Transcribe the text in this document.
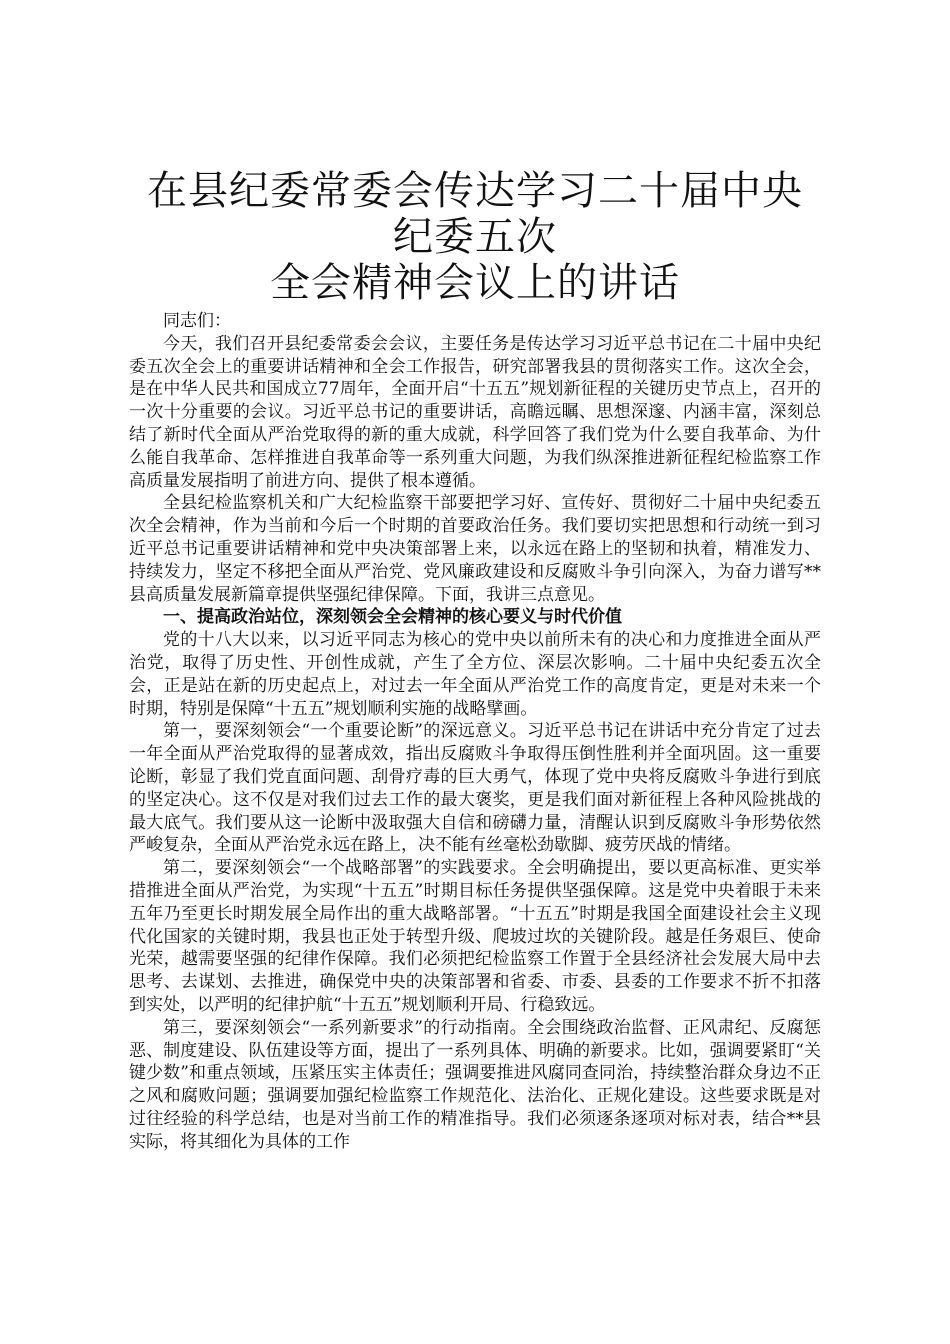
在县纪委常委会传达学习二十届中央纪委五次
全会精神会议上的讲话

同志们：

今天，我们召开县纪委常委会会议，主要任务是传达学习习近平总书记在二十届中央纪委五次全会上的重要讲话精神和全会工作报告，研究部署我县的贯彻落实工作。这次全会，是在中华人民共和国成立77周年，全面开启“十五五”规划新征程的关键历史节点上，召开的一次十分重要的会议。习近平总书记的重要讲话，高瞻远瞩、思想深邃、内涵丰富，深刻总结了新时代全面从严治党取得的新的重大成就，科学回答了我们党为什么要自我革命、为什么能自我革命、怎样推进自我革命等一系列重大问题，为我们纵深推进新征程纪检监察工作高质量发展指明了前进方向、提供了根本遵循。

全县纪检监察机关和广大纪检监察干部要把学习好、宣传好、贯彻好二十届中央纪委五次全会精神，作为当前和今后一个时期的首要政治任务。我们要切实把思想和行动统一到习近平总书记重要讲话精神和党中央决策部署上来，以永远在路上的坚韧和执着，精准发力、持续发力，坚定不移把全面从严治党、党风廉政建设和反腐败斗争引向深入，为奋力谱写**县高质量发展新篇章提供坚强纪律保障。下面，我讲三点意见。

一、提高政治站位，深刻领会全会精神的核心要义与时代价值

党的十八大以来，以习近平同志为核心的党中央以前所未有的决心和力度推进全面从严治党，取得了历史性、开创性成就，产生了全方位、深层次影响。二十届中央纪委五次全会，正是站在新的历史起点上，对过去一年全面从严治党工作的高度肯定，更是对未来一个时期，特别是保障“十五五”规划顺利实施的战略擘画。

第一，要深刻领会“一个重要论断”的深远意义。习近平总书记在讲话中充分肯定了过去一年全面从严治党取得的显著成效，指出反腐败斗争取得压倒性胜利并全面巩固。这一重要论断，彰显了我们党直面问题、刮骨疗毒的巨大勇气，体现了党中央将反腐败斗争进行到底的坚定决心。这不仅是对我们过去工作的最大褒奖，更是我们面对新征程上各种风险挑战的最大底气。我们要从这一论断中汲取强大自信和磅礴力量，清醒认识到反腐败斗争形势依然严峻复杂，全面从严治党永远在路上，决不能有丝毫松劲歇脚、疲劳厌战的情绪。

第二，要深刻领会“一个战略部署”的实践要求。全会明确提出，要以更高标准、更实举措推进全面从严治党，为实现“十五五”时期目标任务提供坚强保障。这是党中央着眼于未来五年乃至更长时期发展全局作出的重大战略部署。“十五五”时期是我国全面建设社会主义现代化国家的关键时期，我县也正处于转型升级、爬坡过坎的关键阶段。越是任务艰巨、使命光荣，越需要坚强的纪律作保障。我们必须把纪检监察工作置于全县经济社会发展大局中去思考、去谋划、去推进，确保党中央的决策部署和省委、市委、县委的工作要求不折不扣落到实处，以严明的纪律护航“十五五”规划顺利开局、行稳致远。

第三，要深刻领会“一系列新要求”的行动指南。全会围绕政治监督、正风肃纪、反腐惩恶、制度建设、队伍建设等方面，提出了一系列具体、明确的新要求。比如，强调要紧盯“关键少数”和重点领域，压紧压实主体责任；强调要推进风腐同查同治，持续整治群众身边不正之风和腐败问题；强调要加强纪检监察工作规范化、法治化、正规化建设。这些要求既是对过往经验的科学总结，也是对当前工作的精准指导。我们必须逐条逐项对标对表，结合**县实际，将其细化为具体的工作
